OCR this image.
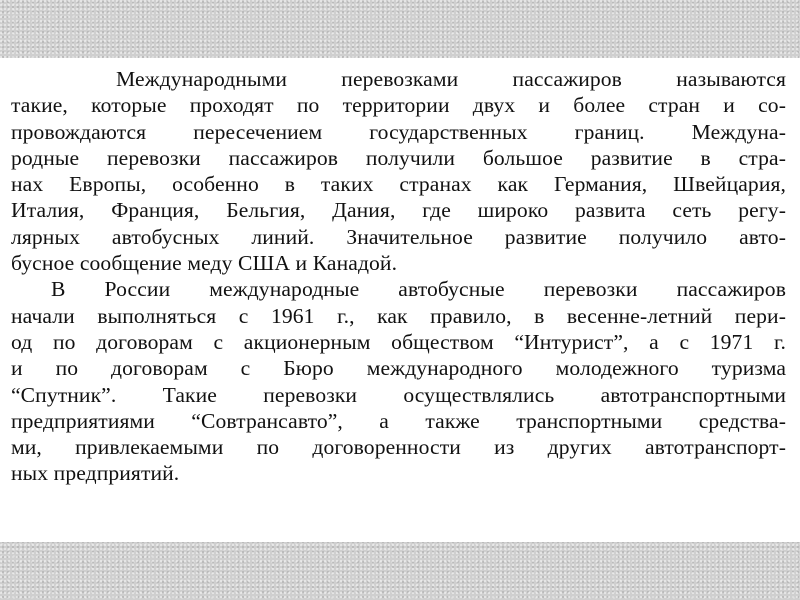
Международными перевозками пассажиров называются
такие, которые проходят по территории двух и более стран и со-
провождаются пересечением государственных границ. Междуна-
родные перевозки пассажиров получили большое развитие в стра-
нах Европы, особенно в таких странах как Германия, Швейцария,
Италия, Франция, Бельгия, Дания, где широко развита сеть регу-
лярных автобусных линий. Значительное развитие получило авто-
бусное сообщение меду США и Канадой.
В России международные автобусные перевозки пассажиров
начали выполняться с 1961 г., как правило, в весенне-летний пери-
од по договорам с акционерным обществом “Интурист”, а с 1971 г.
и по договорам с Бюро международного молодежного туризма
“Спутник”. Такие перевозки осуществлялись автотранспортными
предприятиями “Совтрансавто”, а также транспортными средства-
ми, привлекаемыми по договоренности из других автотранспорт-
ных предприятий.
